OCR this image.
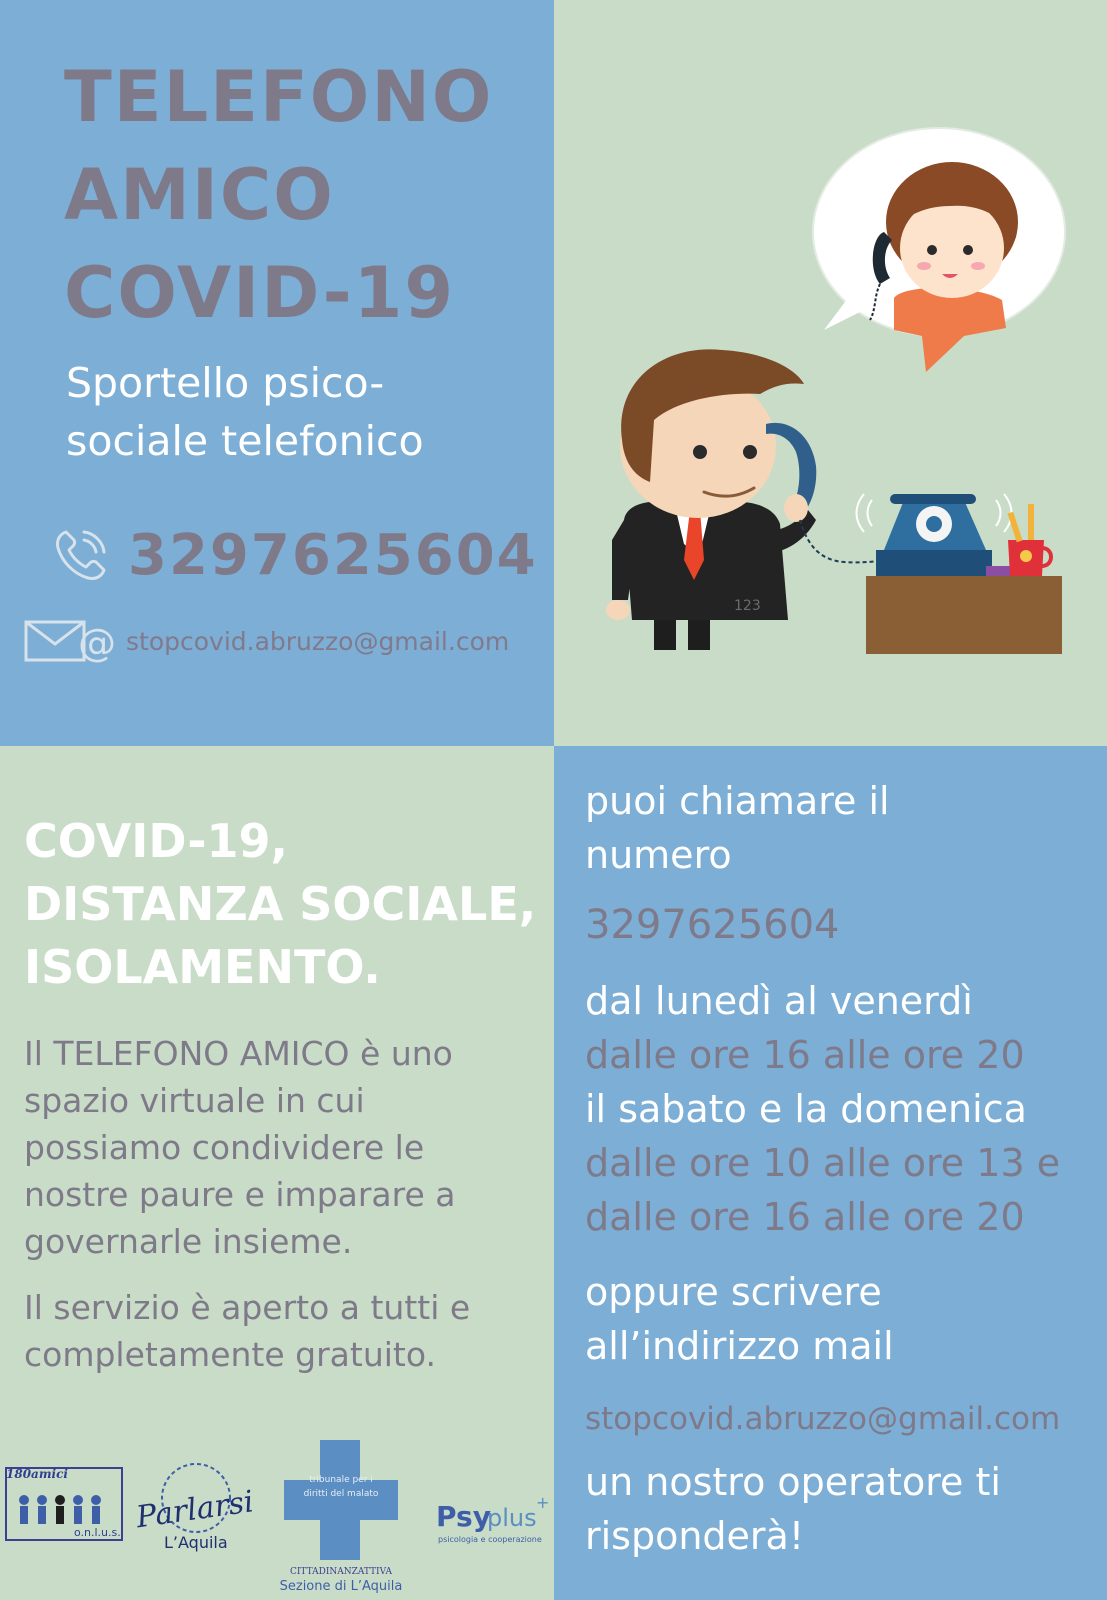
TELEFONO
AMICO
COVID-19

Sportello psico-
sociale telefonico

3297625604
@ stopcovid.abruzzo@gmail.com
123
COVID-19,
DISTANZA SOCIALE,
ISOLAMENTO.

Il TELEFONO AMICO è uno
spazio virtuale in cui
possiamo condividere le
nostre paure e imparare a
governarle insieme.

Il servizio è aperto a tutti e
completamente gratuito.

180amici
o.n.l.u.s. Parlarsi
L’Aquila
tribunale per i
diritti del malato
CITTADINANZATTIVA
Sezione di L’Aquila
Psy
plus
+
psicologia e cooperazione

puoi chiamare il
numero

3297625604

dal lunedì al venerdì
dalle ore 16 alle ore 20
il sabato e la domenica
dalle ore 10 alle ore 13 e
dalle ore 16 alle ore 20

oppure scrivere
all’indirizzo mail

stopcovid.abruzzo@gmail.com

un nostro operatore ti
risponderà!
